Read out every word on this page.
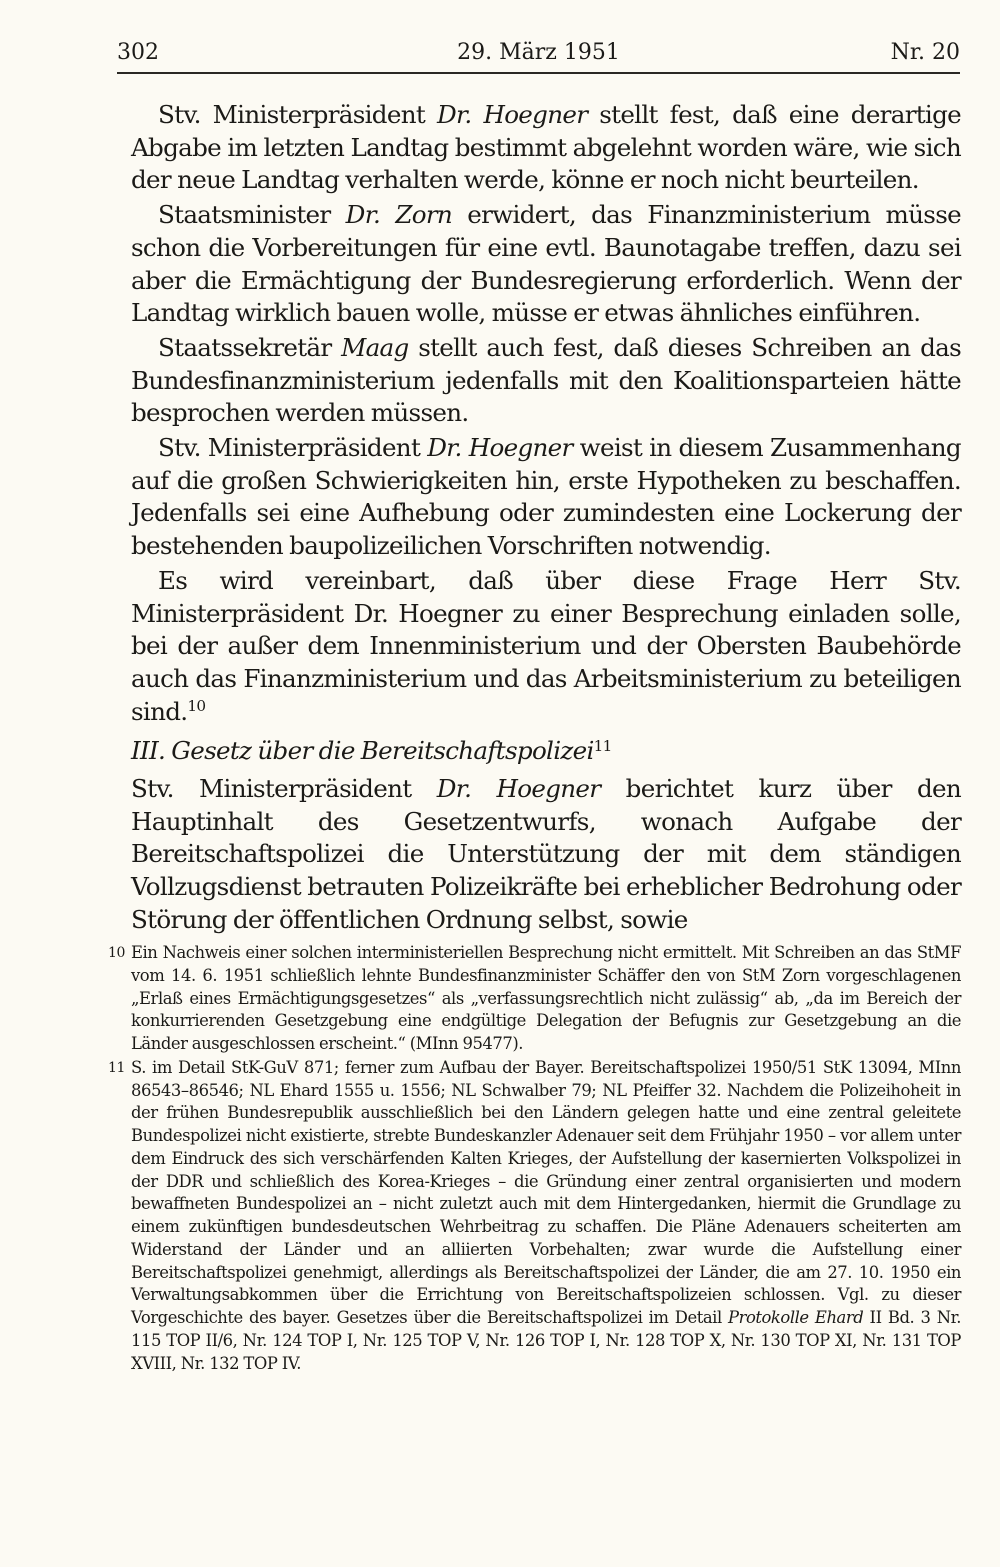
302	29. März 1951	Nr. 20

Stv. Ministerpräsident Dr. Hoegner stellt fest, daß eine derartige Abgabe im letzten Landtag bestimmt abgelehnt worden wäre, wie sich der neue Landtag verhalten werde, könne er noch nicht beurteilen.

Staatsminister Dr. Zorn erwidert, das Finanzministerium müsse schon die Vorbereitungen für eine evtl. Baunotagabe treffen, dazu sei aber die Ermächtigung der Bundesregierung erforderlich. Wenn der Landtag wirklich bauen wolle, müsse er etwas ähnliches einführen.

Staatssekretär Maag stellt auch fest, daß dieses Schreiben an das Bundesfinanzministerium jedenfalls mit den Koalitionsparteien hätte besprochen werden müssen.

Stv. Ministerpräsident Dr. Hoegner weist in diesem Zusammenhang auf die großen Schwierigkeiten hin, erste Hypotheken zu beschaffen. Jedenfalls sei eine Aufhebung oder zumindesten eine Lockerung der bestehenden baupolizeilichen Vorschriften notwendig.

Es wird vereinbart, daß über diese Frage Herr Stv. Ministerpräsident Dr. Hoegner zu einer Besprechung einladen solle, bei der außer dem Innenministerium und der Obersten Baubehörde auch das Finanzministerium und das Arbeitsministerium zu beteiligen sind.$^{10}$

III. Gesetz über die Bereitschaftspolizei$^{11}$

Stv. Ministerpräsident Dr. Hoegner berichtet kurz über den Hauptinhalt des Gesetzentwurfs, wonach Aufgabe der Bereitschaftspolizei die Unterstützung der mit dem ständigen Vollzugsdienst betrauten Polizeikräfte bei erheblicher Bedrohung oder Störung der öffentlichen Ordnung selbst, sowie

10 Ein Nachweis einer solchen interministeriellen Besprechung nicht ermittelt. Mit Schreiben an das StMF vom 14. 6. 1951 schließlich lehnte Bundesfinanzminister Schäffer den von StM Zorn vorgeschlagenen „Erlaß eines Ermächtigungsgesetzes“ als „verfassungsrechtlich nicht zulässig“ ab, „da im Bereich der konkurrierenden Gesetzgebung eine endgültige Delegation der Befugnis zur Gesetzgebung an die Länder ausgeschlossen erscheint.“ (MInn 95477).
11 S. im Detail StK-GuV 871; ferner zum Aufbau der Bayer. Bereitschaftspolizei 1950/51 StK 13094, MInn 86543–86546; NL Ehard 1555 u. 1556; NL Schwalber 79; NL Pfeiffer 32. Nachdem die Polizeihoheit in der frühen Bundesrepublik ausschließlich bei den Ländern gelegen hatte und eine zentral geleitete Bundespolizei nicht existierte, strebte Bundeskanzler Adenauer seit dem Frühjahr 1950 – vor allem unter dem Eindruck des sich verschärfenden Kalten Krieges, der Aufstellung der kasernierten Volkspolizei in der DDR und schließlich des Korea-Krieges – die Gründung einer zentral organisierten und modern bewaffneten Bundespolizei an – nicht zuletzt auch mit dem Hintergedanken, hiermit die Grundlage zu einem zukünftigen bundesdeutschen Wehrbeitrag zu schaffen. Die Pläne Adenauers scheiterten am Widerstand der Länder und an alliierten Vorbehalten; zwar wurde die Aufstellung einer Bereitschaftspolizei genehmigt, allerdings als Bereitschaftspolizei der Länder, die am 27. 10. 1950 ein Verwaltungsabkommen über die Errichtung von Bereitschaftspolizeien schlossen. Vgl. zu dieser Vorgeschichte des bayer. Gesetzes über die Bereitschaftspolizei im Detail Protokolle Ehard II Bd. 3 Nr. 115 TOP II/6, Nr. 124 TOP I, Nr. 125 TOP V, Nr. 126 TOP I, Nr. 128 TOP X, Nr. 130 TOP XI, Nr. 131 TOP XVIII, Nr. 132 TOP IV.
